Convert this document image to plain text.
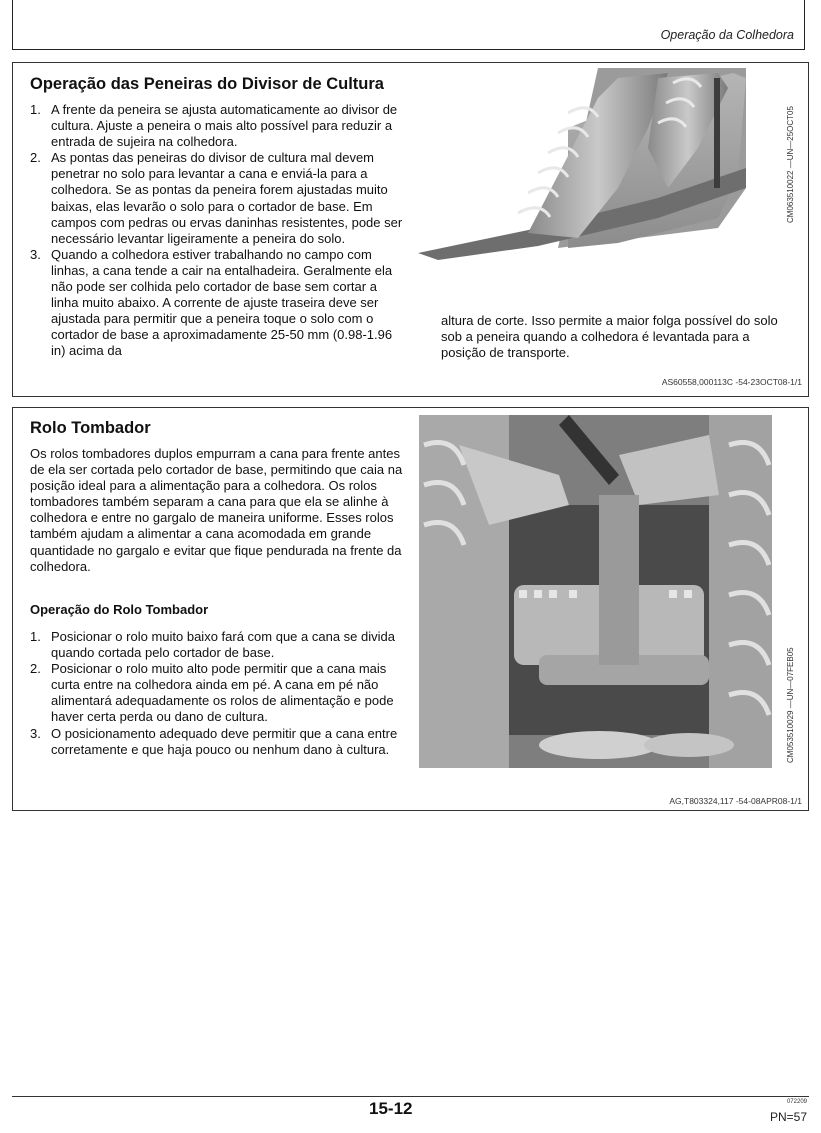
Operação da Colhedora
Operação das Peneiras do Divisor de Cultura
1. A frente da peneira se ajusta automaticamente ao divisor de cultura. Ajuste a peneira o mais alto possível para reduzir a entrada de sujeira na colhedora.
2. As pontas das peneiras do divisor de cultura mal devem penetrar no solo para levantar a cana e enviá-la para a colhedora. Se as pontas da peneira forem ajustadas muito baixas, elas levarão o solo para o cortador de base. Em campos com pedras ou ervas daninhas resistentes, pode ser necessário levantar ligeiramente a peneira do solo.
3. Quando a colhedora estiver trabalhando no campo com linhas, a cana tende a cair na entalhadeira. Geralmente ela não pode ser colhida pelo cortador de base sem cortar a linha muito abaixo. A corrente de ajuste traseira deve ser ajustada para permitir que a peneira toque o solo com o cortador de base a aproximadamente 25-50 mm (0.98-1.96 in) acima da
CM063510022 —UN—25OCT05

altura de corte. Isso permite a maior folga possível do solo sob a peneira quando a colhedora é levantada para a posição de transporte.

AS60558,000113C -54-23OCT08-1/1
Rolo Tombador

Os rolos tombadores duplos empurram a cana para frente antes de ela ser cortada pelo cortador de base, permitindo que caia na posição ideal para a alimentação para a colhedora. Os rolos tombadores também separam a cana para que ela se alinhe à colhedora e entre no gargalo de maneira uniforme. Esses rolos também ajudam a alimentar a cana acomodada em grande quantidade no gargalo e evitar que fique pendurada na frente da colhedora.

Operação do Rolo Tombador
1. Posicionar o rolo muito baixo fará com que a cana se divida quando cortada pelo cortador de base.
2. Posicionar o rolo muito alto pode permitir que a cana mais curta entre na colhedora ainda em pé. A cana em pé não alimentará adequadamente os rolos de alimentação e pode haver certa perda ou dano de cultura.
3. O posicionamento adequado deve permitir que a cana entre corretamente e que haja pouco ou nenhum dano à cultura.	CM053510029 —UN—07FEB05
AG,T803324,117 -54-08APR08-1/1
15-12	072209
PN=57
